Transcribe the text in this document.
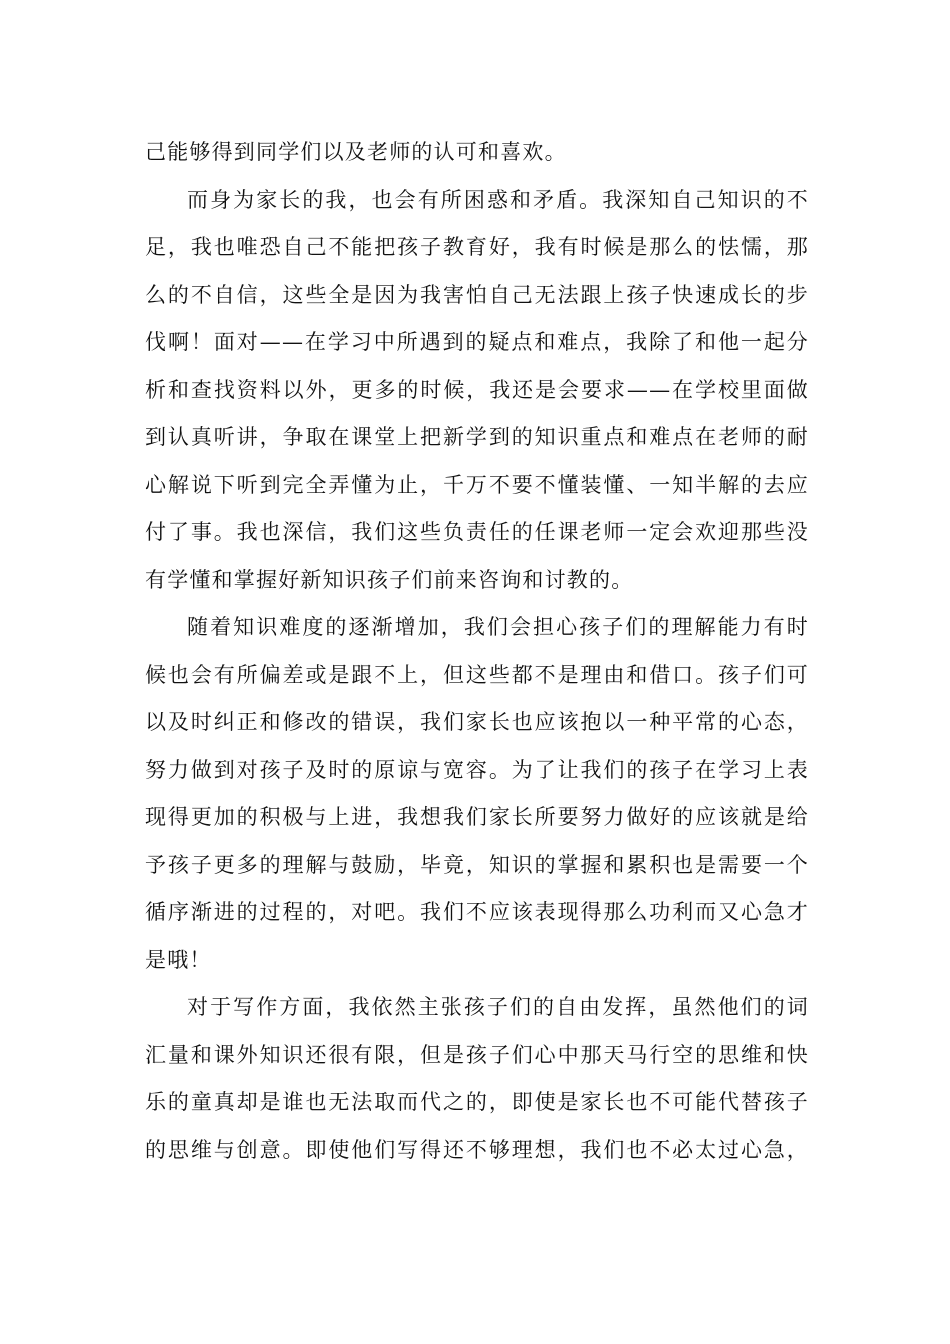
己能够得到同学们以及老师的认可和喜欢。
而身为家长的我，也会有所困惑和矛盾。我深知自己知识的不
足，我也唯恐自己不能把孩子教育好，我有时候是那么的怯懦，那
么的不自信，这些全是因为我害怕自己无法跟上孩子快速成长的步
伐啊！面对——在学习中所遇到的疑点和难点，我除了和他一起分
析和查找资料以外，更多的时候，我还是会要求——在学校里面做
到认真听讲，争取在课堂上把新学到的知识重点和难点在老师的耐
心解说下听到完全弄懂为止，千万不要不懂装懂、一知半解的去应
付了事。我也深信，我们这些负责任的任课老师一定会欢迎那些没
有学懂和掌握好新知识孩子们前来咨询和讨教的。
随着知识难度的逐渐增加，我们会担心孩子们的理解能力有时
候也会有所偏差或是跟不上，但这些都不是理由和借口。孩子们可
以及时纠正和修改的错误，我们家长也应该抱以一种平常的心态，
努力做到对孩子及时的原谅与宽容。为了让我们的孩子在学习上表
现得更加的积极与上进，我想我们家长所要努力做好的应该就是给
予孩子更多的理解与鼓励，毕竟，知识的掌握和累积也是需要一个
循序渐进的过程的，对吧。我们不应该表现得那么功利而又心急才
是哦！
对于写作方面，我依然主张孩子们的自由发挥，虽然他们的词
汇量和课外知识还很有限，但是孩子们心中那天马行空的思维和快
乐的童真却是谁也无法取而代之的，即使是家长也不可能代替孩子
的思维与创意。即使他们写得还不够理想，我们也不必太过心急，
